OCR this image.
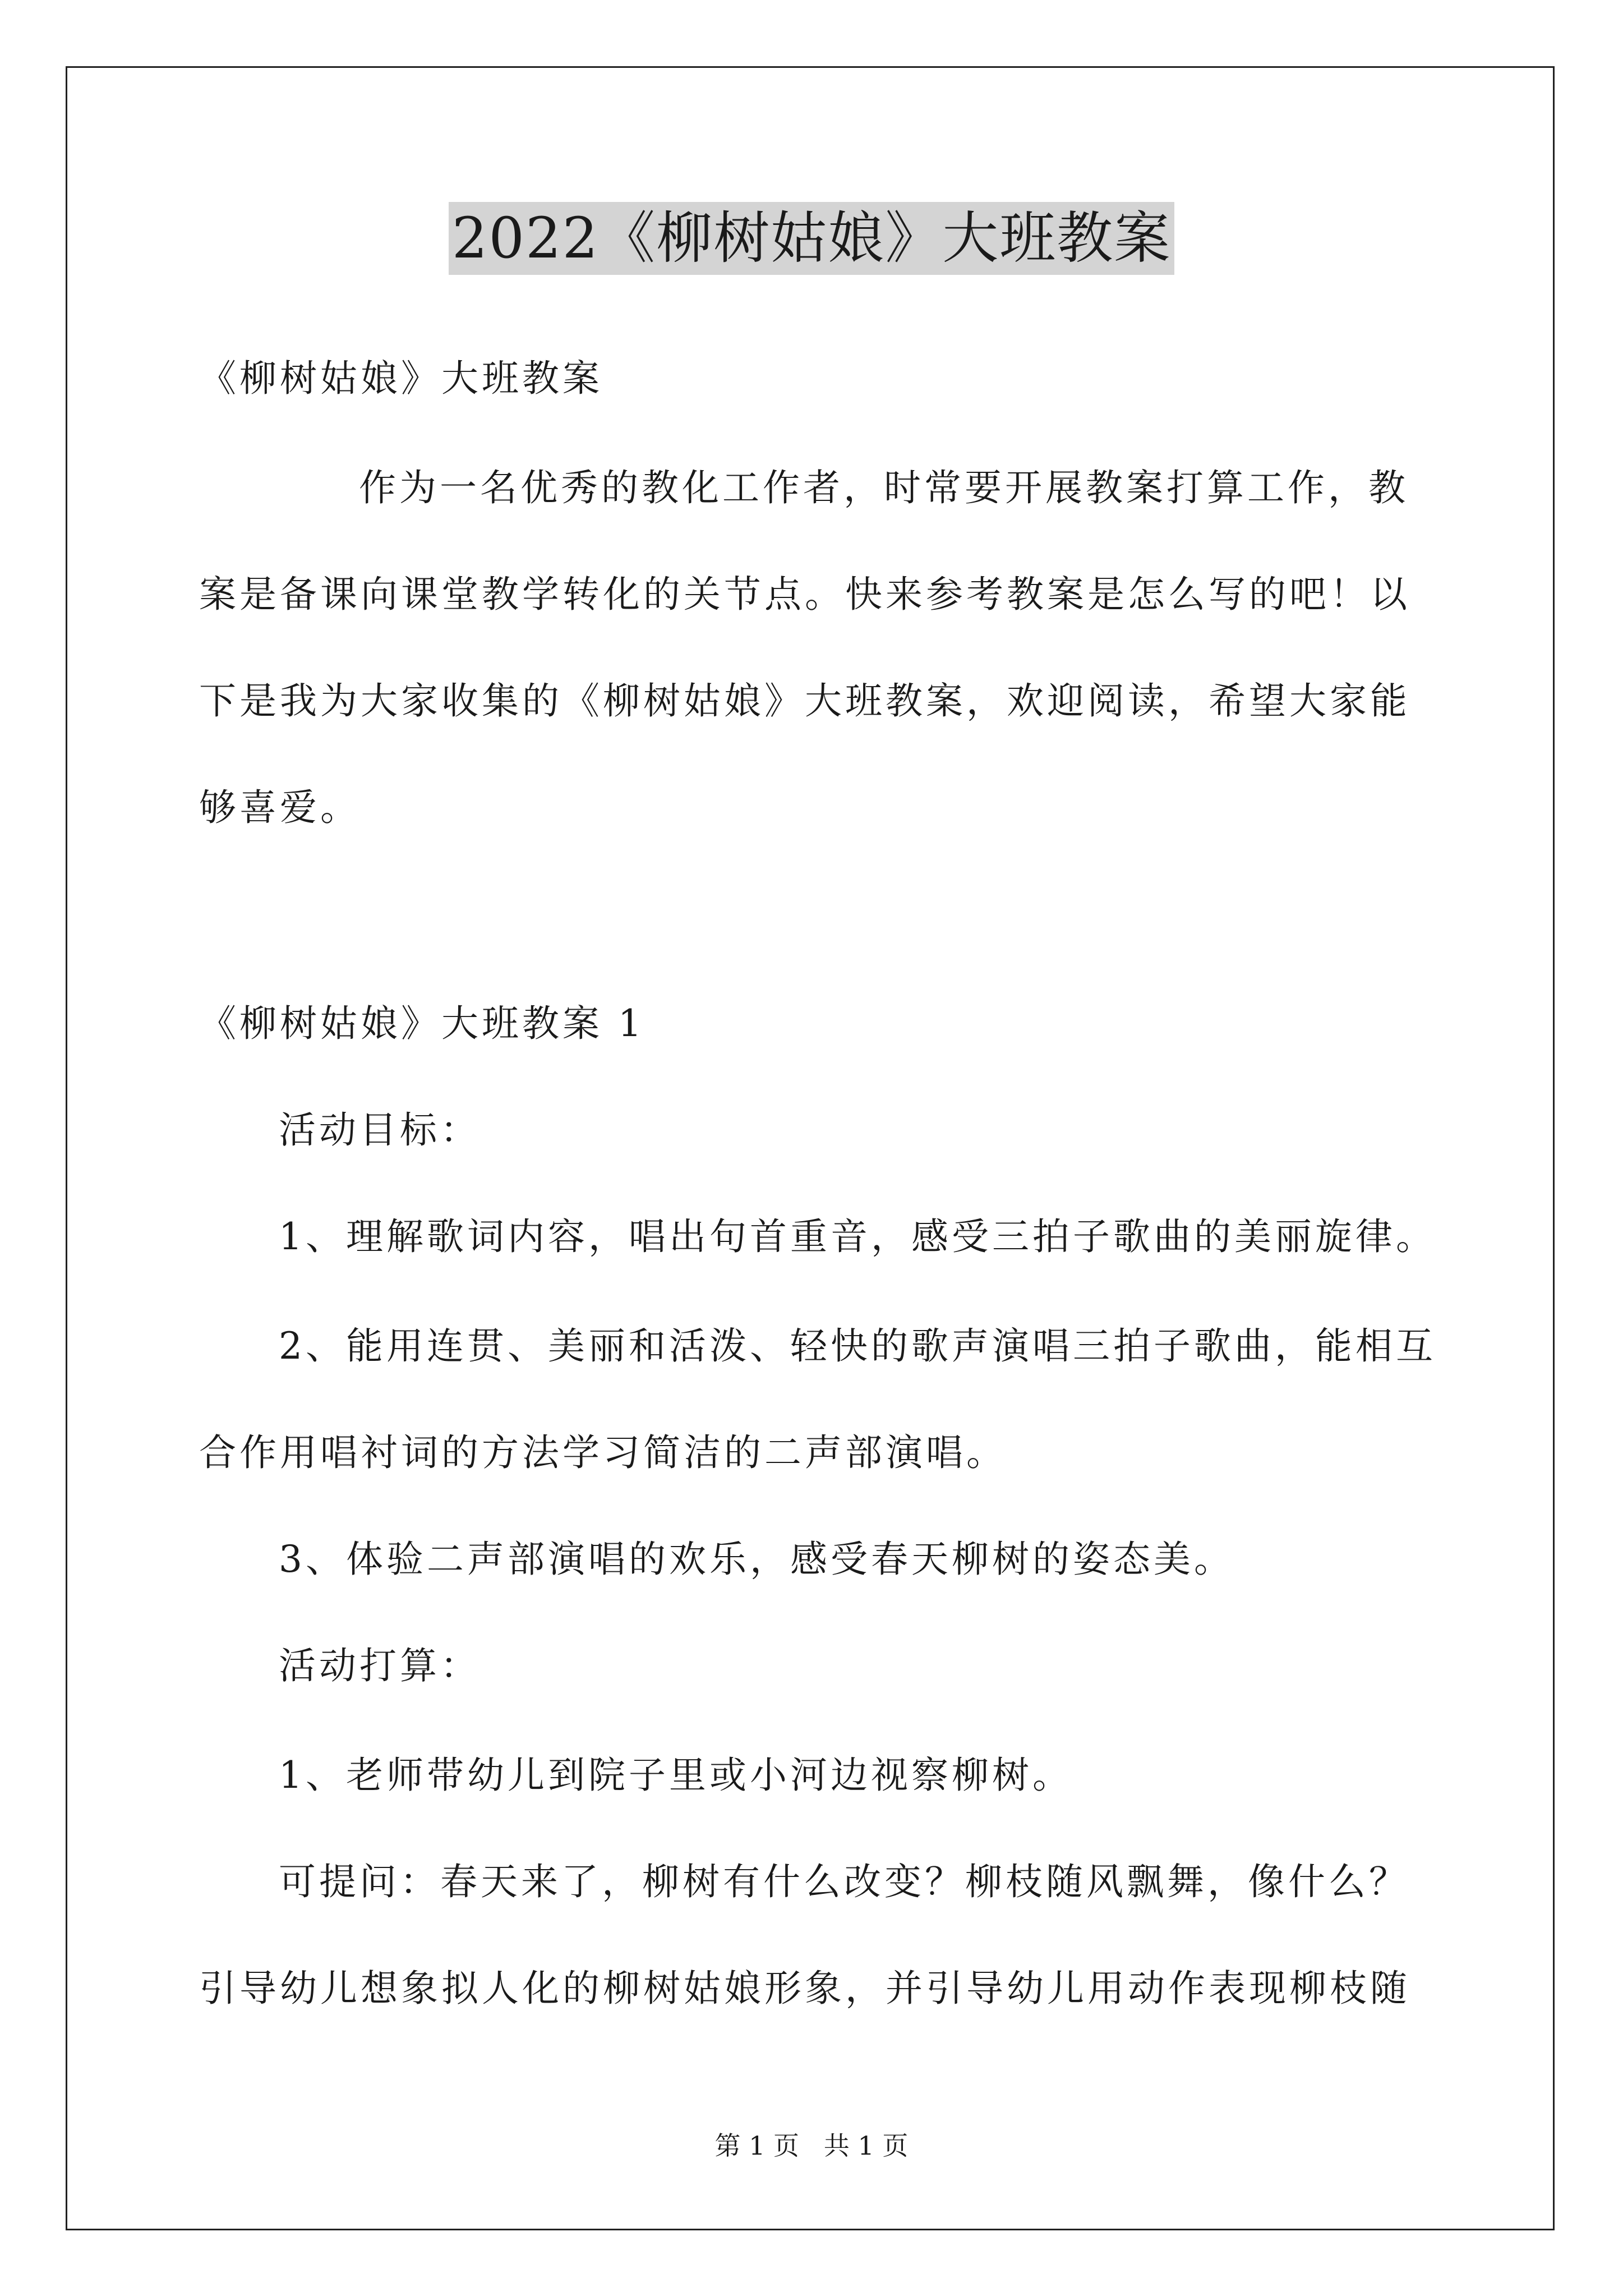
2022《柳树姑娘》大班教案
《柳树姑娘》大班教案
作为一名优秀的教化工作者，时常要开展教案打算工作，教
案是备课向课堂教学转化的关节点。快来参考教案是怎么写的吧！以
下是我为大家收集的《柳树姑娘》大班教案，欢迎阅读，希望大家能
够喜爱。
《柳树姑娘》大班教案 1
活动目标：
1、理解歌词内容，唱出句首重音，感受三拍子歌曲的美丽旋律。
2、能用连贯、美丽和活泼、轻快的歌声演唱三拍子歌曲，能相互
合作用唱衬词的方法学习简洁的二声部演唱。
3、体验二声部演唱的欢乐，感受春天柳树的姿态美。
活动打算：
1、老师带幼儿到院子里或小河边视察柳树。
可提问：春天来了，柳树有什么改变？柳枝随风飘舞，像什么？
引导幼儿想象拟人化的柳树姑娘形象，并引导幼儿用动作表现柳枝随
第 1 页   共 1 页
